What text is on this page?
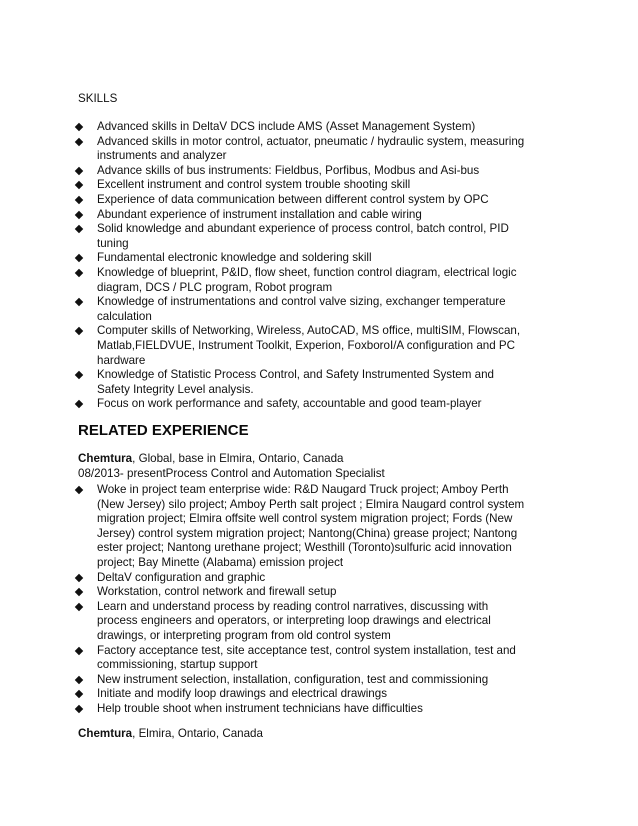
SKILLS
Advanced skills in DeltaV DCS include AMS (Asset Management System)
Advanced skills in motor control, actuator, pneumatic / hydraulic system, measuring
instruments and analyzer
Advance skills of bus instruments: Fieldbus, Porfibus, Modbus and Asi-bus
Excellent instrument and control system trouble shooting skill
Experience of data communication between different control system by OPC
Abundant experience of instrument installation and cable wiring
Solid knowledge and abundant experience of process control, batch control, PID
tuning
Fundamental electronic knowledge and soldering skill
Knowledge of blueprint, P&ID, flow sheet, function control diagram, electrical logic
diagram, DCS / PLC program, Robot program
Knowledge of instrumentations and control valve sizing, exchanger temperature
calculation
Computer skills of Networking, Wireless, AutoCAD, MS office, multiSIM, Flowscan,
Matlab,FIELDVUE, Instrument Toolkit, Experion, FoxboroI/A configuration and PC
hardware
Knowledge of Statistic Process Control, and Safety Instrumented System and
Safety Integrity Level analysis.
Focus on work performance and safety, accountable and good team-player
RELATED EXPERIENCE
Chemtura, Global, base in Elmira, Ontario, Canada
08/2013- presentProcess Control and Automation Specialist
Woke in project team enterprise wide: R&D Naugard Truck project; Amboy Perth
(New Jersey) silo project; Amboy Perth salt project ; Elmira Naugard control system
migration project; Elmira offsite well control system migration project; Fords (New
Jersey) control system migration project; Nantong(China) grease project; Nantong
ester project; Nantong urethane project; Westhill (Toronto)sulfuric acid innovation
project; Bay Minette (Alabama) emission project
DeltaV configuration and graphic
Workstation, control network and firewall setup
Learn and understand process by reading control narratives, discussing with
process engineers and operators, or interpreting loop drawings and electrical
drawings, or interpreting program from old control system
Factory acceptance test, site acceptance test, control system installation, test and
commissioning, startup support
New instrument selection, installation, configuration, test and commissioning
Initiate and modify loop drawings and electrical drawings
Help trouble shoot when instrument technicians have difficulties
Chemtura, Elmira, Ontario, Canada
